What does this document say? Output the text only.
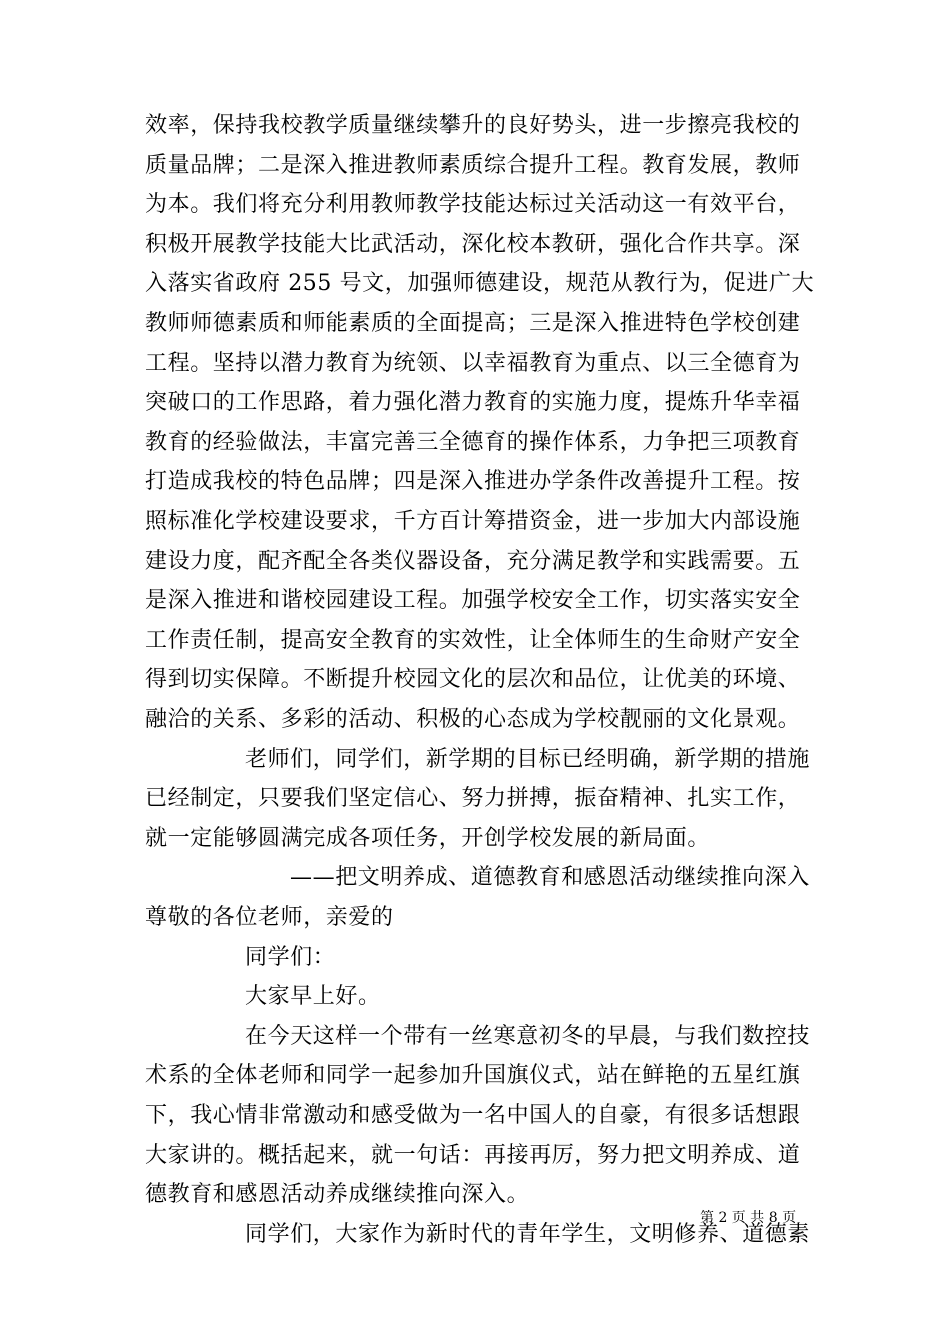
效率，保持我校教学质量继续攀升的良好势头，进一步擦亮我校的
质量品牌；二是深入推进教师素质综合提升工程。教育发展，教师
为本。我们将充分利用教师教学技能达标过关活动这一有效平台，
积极开展教学技能大比武活动，深化校本教研，强化合作共享。深
入落实省政府 255 号文，加强师德建设，规范从教行为，促进广大
教师师德素质和师能素质的全面提高；三是深入推进特色学校创建
工程。坚持以潜力教育为统领、以幸福教育为重点、以三全德育为
突破口的工作思路，着力强化潜力教育的实施力度，提炼升华幸福
教育的经验做法，丰富完善三全德育的操作体系，力争把三项教育
打造成我校的特色品牌；四是深入推进办学条件改善提升工程。按
照标准化学校建设要求，千方百计筹措资金，进一步加大内部设施
建设力度，配齐配全各类仪器设备，充分满足教学和实践需要。五
是深入推进和谐校园建设工程。加强学校安全工作，切实落实安全
工作责任制，提高安全教育的实效性，让全体师生的生命财产安全
得到切实保障。不断提升校园文化的层次和品位，让优美的环境、
融洽的关系、多彩的活动、积极的心态成为学校靓丽的文化景观。
老师们，同学们，新学期的目标已经明确，新学期的措施
已经制定，只要我们坚定信心、努力拼搏，振奋精神、扎实工作，
就一定能够圆满完成各项任务，开创学校发展的新局面。
——把文明养成、道德教育和感恩活动继续推向深入
尊敬的各位老师，亲爱的
同学们：
大家早上好。
在今天这样一个带有一丝寒意初冬的早晨，与我们数控技
术系的全体老师和同学一起参加升国旗仪式，站在鲜艳的五星红旗
下，我心情非常激动和感受做为一名中国人的自豪，有很多话想跟
大家讲的。概括起来，就一句话：再接再厉，努力把文明养成、道
德教育和感恩活动养成继续推向深入。
同学们，大家作为新时代的青年学生，文明修养、道德素
第 2 页 共 8 页
